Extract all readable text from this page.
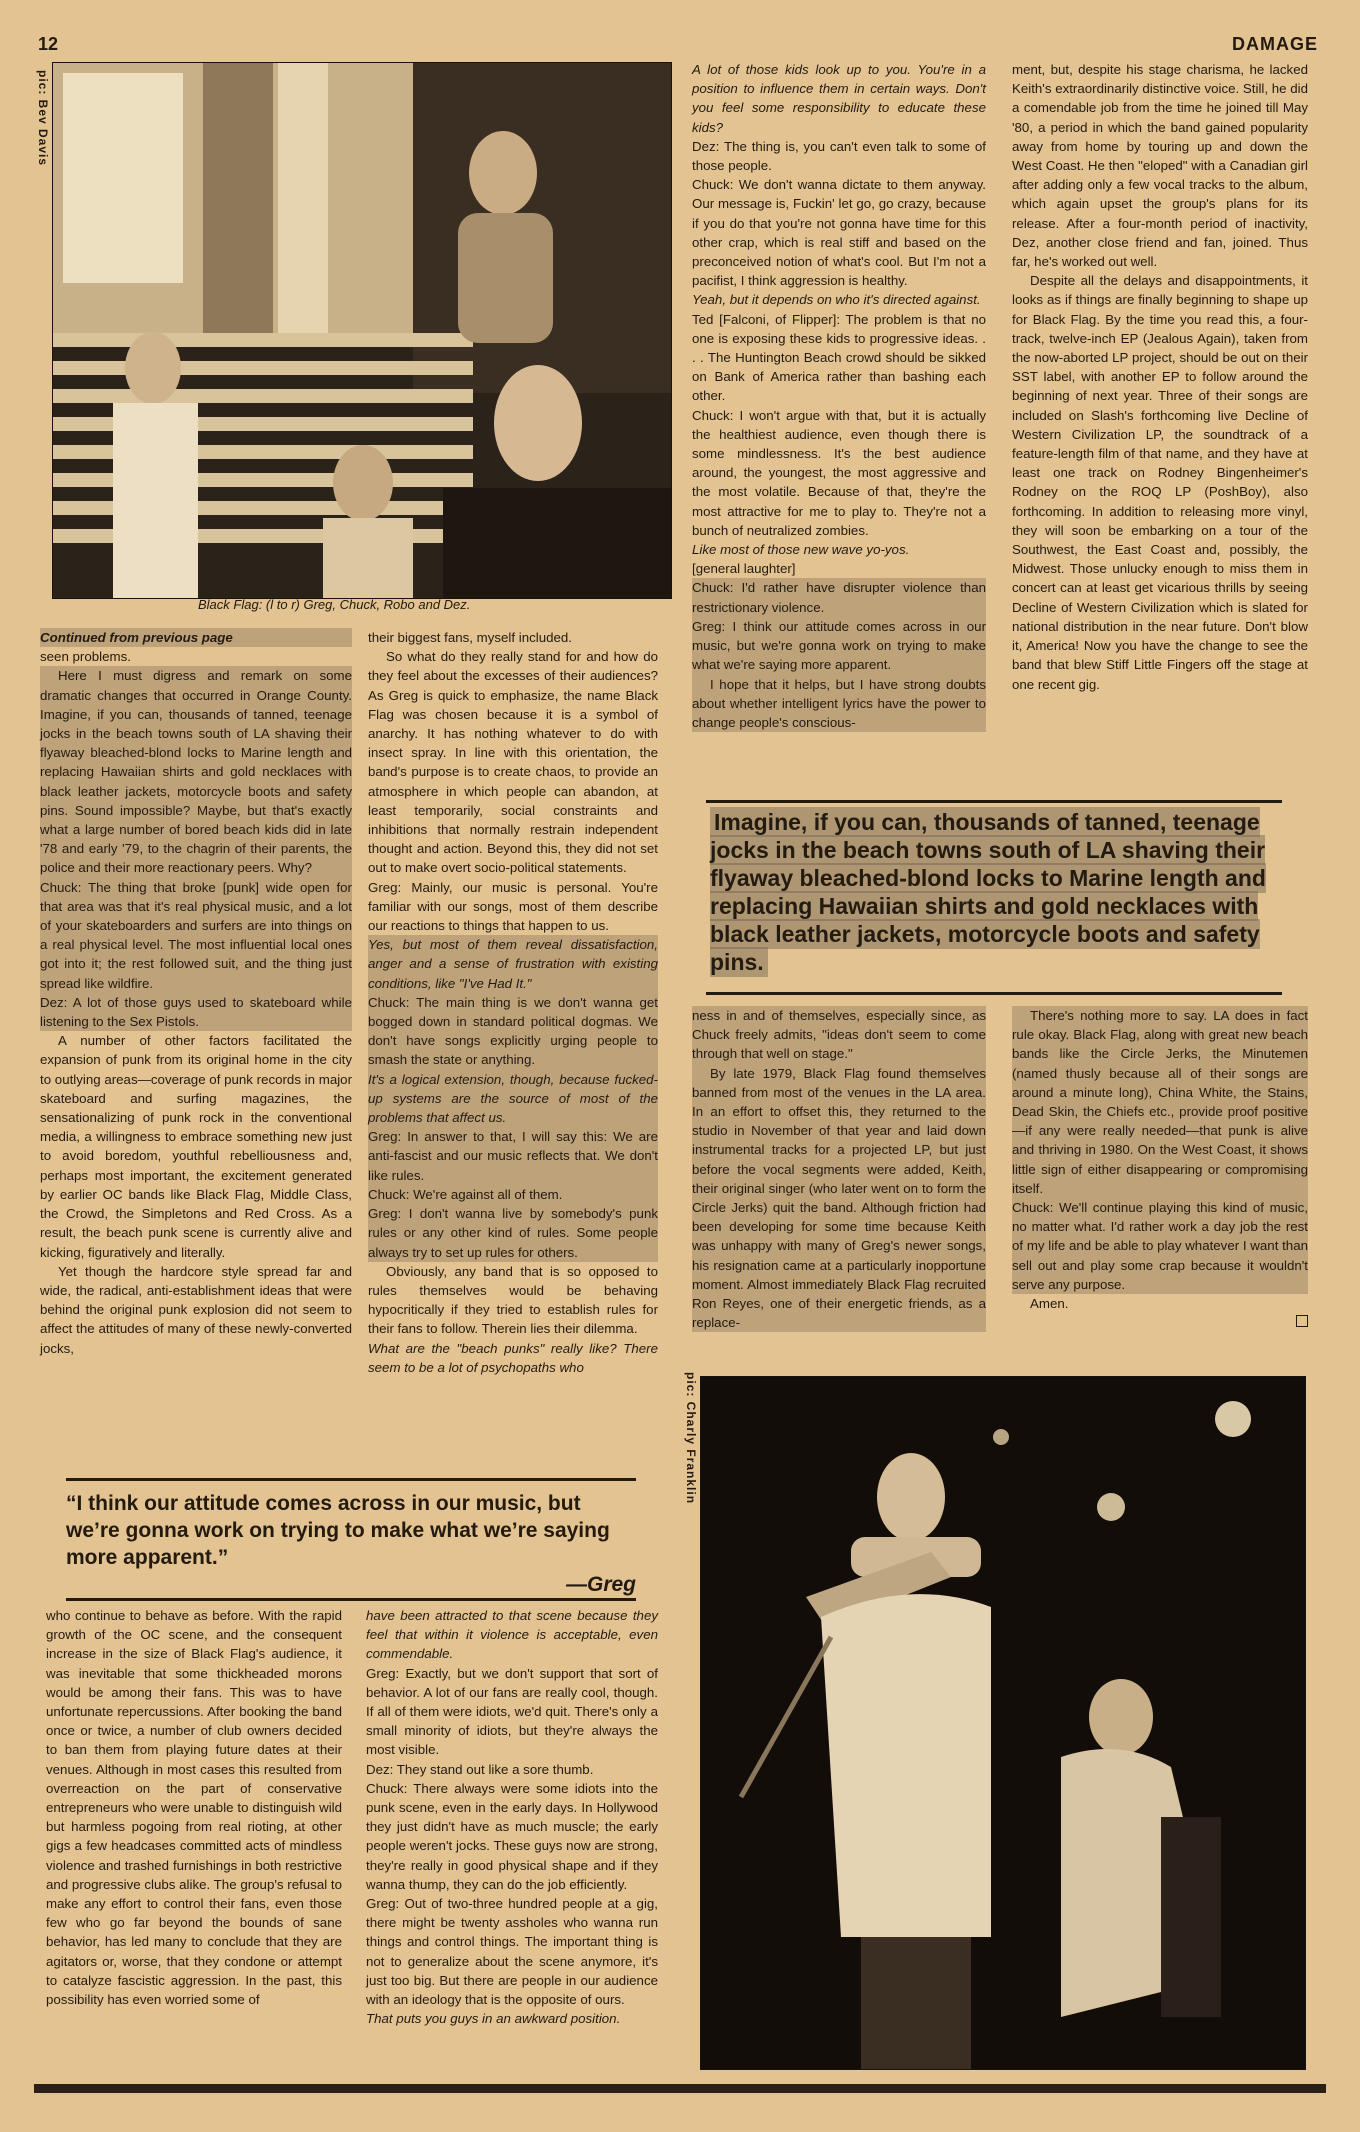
12	DAMAGE
pic: Bev Davis
Black Flag: (l to r) Greg, Chuck, Robo and Dez.

Continued from previous page

seen problems.

Here I must digress and remark on some dramatic changes that occurred in Orange County. Imagine, if you can, thousands of tanned, teenage jocks in the beach towns south of LA shaving their flyaway bleached-blond locks to Marine length and replacing Hawaiian shirts and gold necklaces with black leather jackets, motorcycle boots and safety pins. Sound impossible? Maybe, but that's exactly what a large number of bored beach kids did in late '78 and early '79, to the chagrin of their parents, the police and their more reactionary peers. Why?

Chuck: The thing that broke [punk] wide open for that area was that it's real physical music, and a lot of your skateboarders and surfers are into things on a real physical level. The most influential local ones got into it; the rest followed suit, and the thing just spread like wildfire.

Dez: A lot of those guys used to skateboard while listening to the Sex Pistols.

A number of other factors facilitated the expansion of punk from its original home in the city to outlying areas—coverage of punk records in major skateboard and surfing magazines, the sensationalizing of punk rock in the conventional media, a willingness to embrace something new just to avoid boredom, youthful rebelliousness and, perhaps most important, the excitement generated by earlier OC bands like Black Flag, Middle Class, the Crowd, the Simpletons and Red Cross. As a result, the beach punk scene is currently alive and kicking, figuratively and literally.

Yet though the hardcore style spread far and wide, the radical, anti-establishment ideas that were behind the original punk explosion did not seem to affect the attitudes of many of these newly-converted jocks,

their biggest fans, myself included.

So what do they really stand for and how do they feel about the excesses of their audiences? As Greg is quick to emphasize, the name Black Flag was chosen because it is a symbol of anarchy. It has nothing whatever to do with insect spray. In line with this orientation, the band's purpose is to create chaos, to provide an atmosphere in which people can abandon, at least temporarily, social constraints and inhibitions that normally restrain independent thought and action. Beyond this, they did not set out to make overt socio-political statements.

Greg: Mainly, our music is personal. You're familiar with our songs, most of them describe our reactions to things that happen to us.

Yes, but most of them reveal dissatisfaction, anger and a sense of frustration with existing conditions, like "I've Had It."

Chuck: The main thing is we don't wanna get bogged down in standard political dogmas. We don't have songs explicitly urging people to smash the state or anything.

It's a logical extension, though, because fucked-up systems are the source of most of the problems that affect us.

Greg: In answer to that, I will say this: We are anti-fascist and our music reflects that. We don't like rules.

Chuck: We're against all of them.

Greg: I don't wanna live by somebody's punk rules or any other kind of rules. Some people always try to set up rules for others.

Obviously, any band that is so opposed to rules themselves would be behaving hypocritically if they tried to establish rules for their fans to follow. Therein lies their dilemma.

What are the "beach punks" really like? There seem to be a lot of psychopaths who

A lot of those kids look up to you. You're in a position to influence them in certain ways. Don't you feel some responsibility to educate these kids?

Dez: The thing is, you can't even talk to some of those people.

Chuck: We don't wanna dictate to them anyway. Our message is, Fuckin' let go, go crazy, because if you do that you're not gonna have time for this other crap, which is real stiff and based on the preconceived notion of what's cool. But I'm not a pacifist, I think aggression is healthy.

Yeah, but it depends on who it's directed against.

Ted [Falconi, of Flipper]: The problem is that no one is exposing these kids to progressive ideas. . . . The Huntington Beach crowd should be sikked on Bank of America rather than bashing each other.

Chuck: I won't argue with that, but it is actually the healthiest audience, even though there is some mindlessness. It's the best audience around, the youngest, the most aggressive and the most volatile. Because of that, they're the most attractive for me to play to. They're not a bunch of neutralized zombies.

Like most of those new wave yo-yos.

[general laughter]

Chuck: I'd rather have disrupter violence than restrictionary violence.

Greg: I think our attitude comes across in our music, but we're gonna work on trying to make what we're saying more apparent.

I hope that it helps, but I have strong doubts about whether intelligent lyrics have the power to change people's conscious-

ment, but, despite his stage charisma, he lacked Keith's extraordinarily distinctive voice. Still, he did a comendable job from the time he joined till May '80, a period in which the band gained popularity away from home by touring up and down the West Coast. He then "eloped" with a Canadian girl after adding only a few vocal tracks to the album, which again upset the group's plans for its release. After a four-month period of inactivity, Dez, another close friend and fan, joined. Thus far, he's worked out well.

Despite all the delays and disappointments, it looks as if things are finally beginning to shape up for Black Flag. By the time you read this, a four-track, twelve-inch EP (Jealous Again), taken from the now-aborted LP project, should be out on their SST label, with another EP to follow around the beginning of next year. Three of their songs are included on Slash's forthcoming live Decline of Western Civilization LP, the soundtrack of a feature-length film of that name, and they have at least one track on Rodney Bingenheimer's Rodney on the ROQ LP (PoshBoy), also forthcoming. In addition to releasing more vinyl, they will soon be embarking on a tour of the Southwest, the East Coast and, possibly, the Midwest. Those unlucky enough to miss them in concert can at least get vicarious thrills by seeing Decline of Western Civilization which is slated for national distribution in the near future. Don't blow it, America! Now you have the change to see the band that blew Stiff Little Fingers off the stage at one recent gig.

Imagine, if you can, thousands of tanned, teenage jocks in the beach towns south of LA shaving their flyaway bleached-blond locks to Marine length and replacing Hawaiian shirts and gold necklaces with black leather jackets, motorcycle boots and safety pins.

ness in and of themselves, especially since, as Chuck freely admits, "ideas don't seem to come through that well on stage."

By late 1979, Black Flag found themselves banned from most of the venues in the LA area. In an effort to offset this, they returned to the studio in November of that year and laid down instrumental tracks for a projected LP, but just before the vocal segments were added, Keith, their original singer (who later went on to form the Circle Jerks) quit the band. Although friction had been developing for some time because Keith was unhappy with many of Greg's newer songs, his resignation came at a particularly inopportune moment. Almost immediately Black Flag recruited Ron Reyes, one of their energetic friends, as a replace-

There's nothing more to say. LA does in fact rule okay. Black Flag, along with great new beach bands like the Circle Jerks, the Minutemen (named thusly because all of their songs are around a minute long), China White, the Stains, Dead Skin, the Chiefs etc., provide proof positive—if any were really needed—that punk is alive and thriving in 1980. On the West Coast, it shows little sign of either disappearing or compromising itself.

Chuck: We'll continue playing this kind of music, no matter what. I'd rather work a day job the rest of my life and be able to play whatever I want than sell out and play some crap because it wouldn't serve any purpose.

Amen.

“I think our attitude comes across in our music, but we’re gonna work on trying to make what we’re saying more apparent.”
—Greg

who continue to behave as before. With the rapid growth of the OC scene, and the consequent increase in the size of Black Flag's audience, it was inevitable that some thickheaded morons would be among their fans. This was to have unfortunate repercussions. After booking the band once or twice, a number of club owners decided to ban them from playing future dates at their venues. Although in most cases this resulted from overreaction on the part of conservative entrepreneurs who were unable to distinguish wild but harmless pogoing from real rioting, at other gigs a few headcases committed acts of mindless violence and trashed furnishings in both restrictive and progressive clubs alike. The group's refusal to make any effort to control their fans, even those few who go far beyond the bounds of sane behavior, has led many to conclude that they are agitators or, worse, that they condone or attempt to catalyze fascistic aggression. In the past, this possibility has even worried some of

have been attracted to that scene because they feel that within it violence is acceptable, even commendable.

Greg: Exactly, but we don't support that sort of behavior. A lot of our fans are really cool, though. If all of them were idiots, we'd quit. There's only a small minority of idiots, but they're always the most visible.

Dez: They stand out like a sore thumb.

Chuck: There always were some idiots into the punk scene, even in the early days. In Hollywood they just didn't have as much muscle; the early people weren't jocks. These guys now are strong, they're really in good physical shape and if they wanna thump, they can do the job efficiently.

Greg: Out of two-three hundred people at a gig, there might be twenty assholes who wanna run things and control things. The important thing is not to generalize about the scene anymore, it's just too big. But there are people in our audience with an ideology that is the opposite of ours.

That puts you guys in an awkward position.

pic: Charly Franklin
